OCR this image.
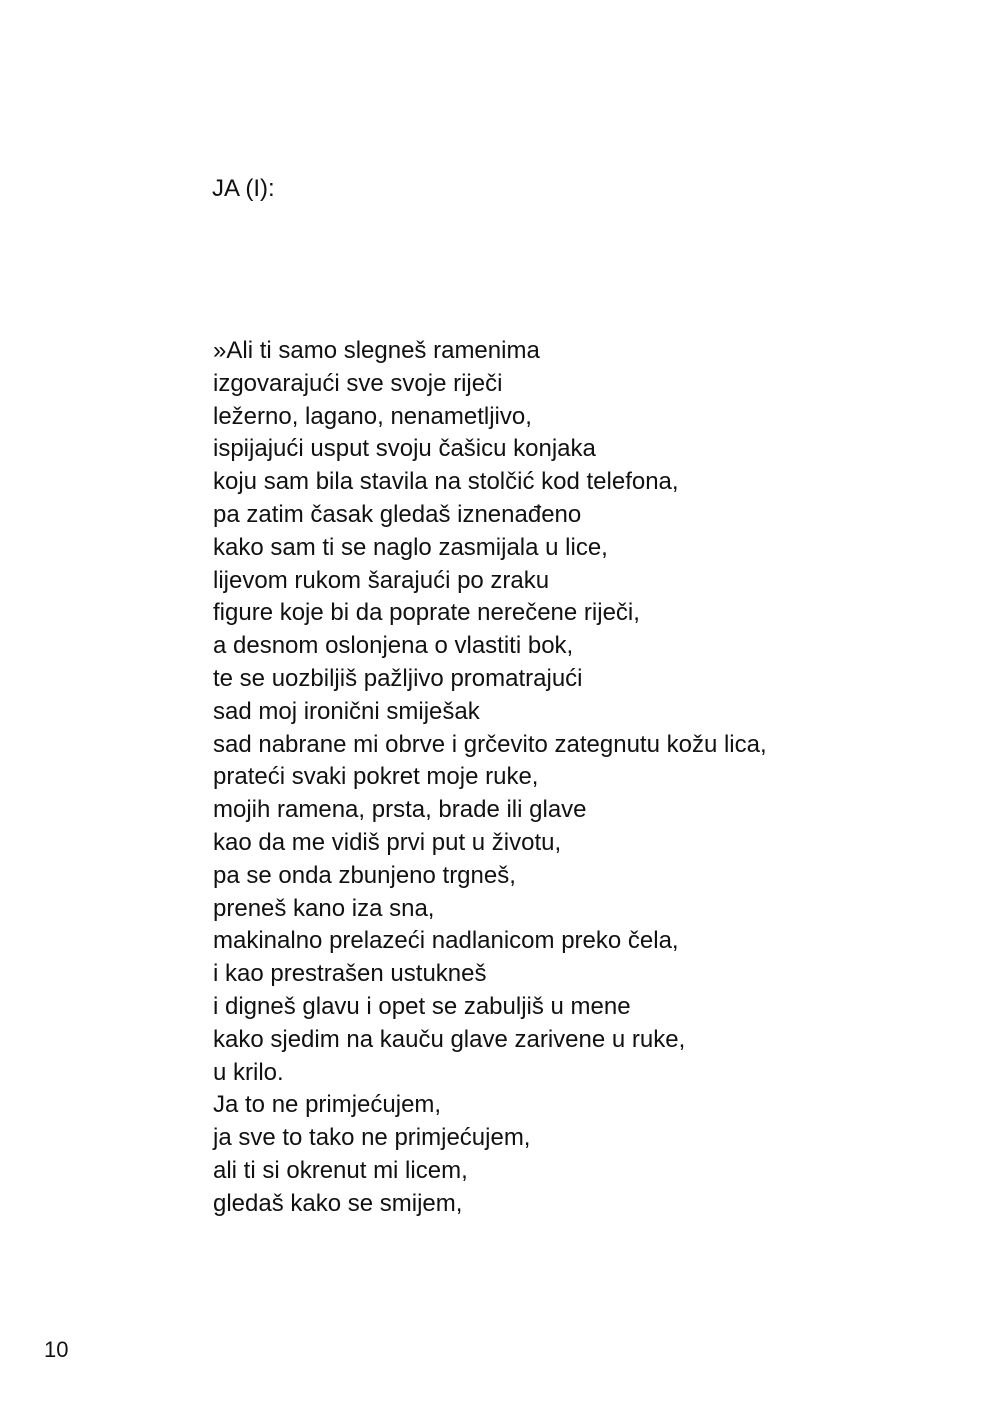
JA (I):
»Ali ti samo slegneš ramenima
izgovarajući sve svoje riječi
ležerno, lagano, nenametljivo,
ispijajući usput svoju čašicu konjaka
koju sam bila stavila na stolčić kod telefona,
pa zatim časak gledaš iznenađeno
kako sam ti se naglo zasmijala u lice,
lijevom rukom šarajući po zraku
figure koje bi da poprate nerečene riječi,
a desnom oslonjena o vlastiti bok,
te se uozbiljiš pažljivo promatrajući
sad moj ironični smiješak
sad nabrane mi obrve i grčevito zategnutu kožu lica,
prateći svaki pokret moje ruke,
mojih ramena, prsta, brade ili glave
kao da me vidiš prvi put u životu,
pa se onda zbunjeno trgneš,
preneš kano iza sna,
makinalno prelazeći nadlanicom preko čela,
i kao prestrašen ustukneš
i digneš glavu i opet se zabuljiš u mene
kako sjedim na kauču glave zarivene u ruke,
u krilo.
Ja to ne primjećujem,
ja sve to tako ne primjećujem,
ali ti si okrenut mi licem,
gledaš kako se smijem,
10
